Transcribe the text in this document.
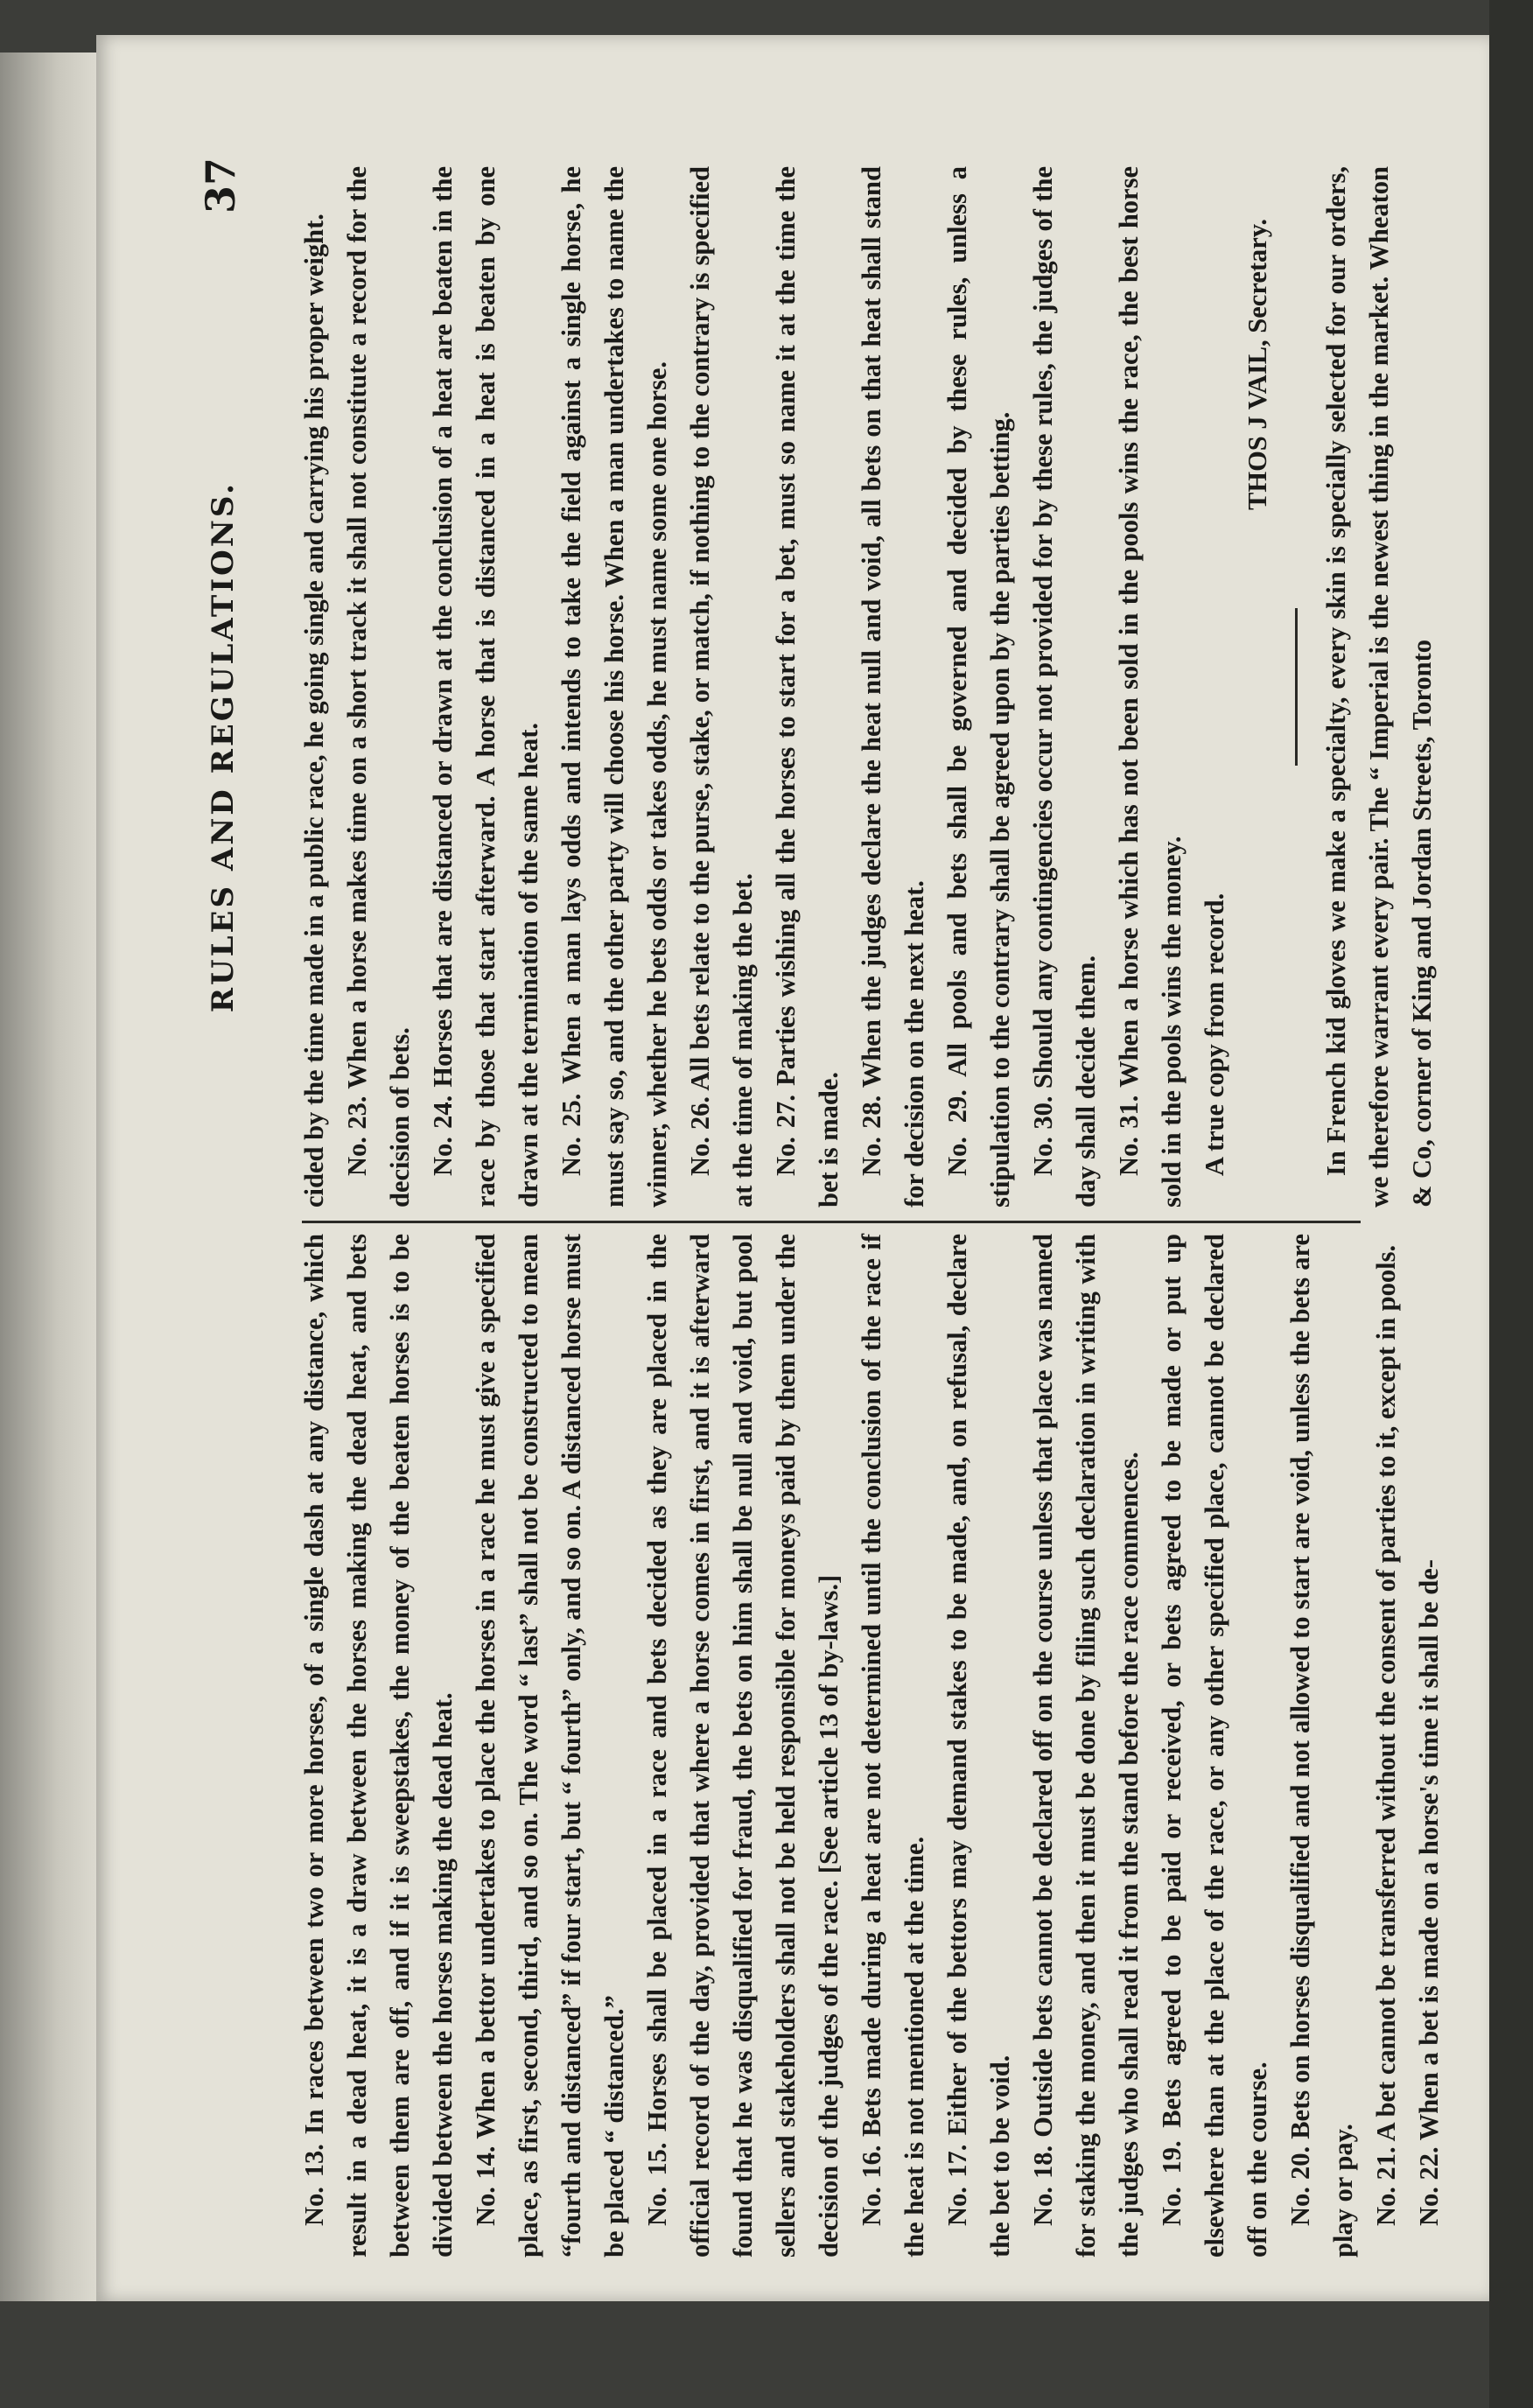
RULES AND REGULATIONS.
37

No. 13. In races between two or more horses, of a single dash at any distance, which result in a dead heat, it is a draw between the horses making the dead heat, and bets between them are off, and if it is sweepstakes, the money of the beaten horses is to be divided between the horses making the dead heat. No. 14. When a bettor undertakes to place the horses in a race he must give a specified place, as first, second, third, and so on. The word “ last” shall not be constructed to mean “fourth and distanced” if four start, but “ fourth” only, and so on. A distanced horse must be placed “ distanced.” No. 15. Horses shall be placed in a race and bets decided as they are placed in the official record of the day, provided that where a horse comes in first, and it is afterward found that he was disqualified for fraud, the bets on him shall be null and void, but pool sellers and stakeholders shall not be held responsible for moneys paid by them under the decision of the judges of the race. [See article 13 of by-laws.] No. 16. Bets made during a heat are not determined until the conclusion of the race if the heat is not mentioned at the time. No. 17. Either of the bettors may demand stakes to be made, and, on refusal, declare the bet to be void. No. 18. Outside bets cannot be declared off on the course unless that place was named for staking the money, and then it must be done by filing such declaration in writing with the judges who shall read it from the stand before the race commences. No. 19. Bets agreed to be paid or received, or bets agreed to be made or put up elsewhere than at the place of the race, or any other specified place, cannot be declared off on the course. No. 20. Bets on horses disqualified and not allowed to start are void, unless the bets are play or pay. No. 21. A bet cannot be transferred without the consent of parties to it, except in pools. No. 22. When a bet is made on a horse's time it shall be de-

cided by the time made in a public race, he going single and carrying his proper weight. No. 23. When a horse makes time on a short track it shall not constitute a record for the decision of bets. No. 24. Horses that are distanced or drawn at the conclusion of a heat are beaten in the race by those that start afterward. A horse that is distanced in a heat is beaten by one drawn at the termination of the same heat. No. 25. When a man lays odds and intends to take the field against a single horse, he must say so, and the other party will choose his horse. When a man undertakes to name the winner, whether he bets odds or takes odds, he must name some one horse. No. 26. All bets relate to the purse, stake, or match, if nothing to the contrary is specified at the time of making the bet. No. 27. Parties wishing all the horses to start for a bet, must so name it at the time the bet is made. No. 28. When the judges declare the heat null and void, all bets on that heat shall stand for decision on the next heat. No. 29. All pools and bets shall be governed and decided by these rules, unless a stipulation to the contrary shall be agreed upon by the parties betting. No. 30. Should any contingencies occur not provided for by these rules, the judges of the day shall decide them. No. 31. When a horse which has not been sold in the pools wins the race, the best horse sold in the pools wins the money. A true copy from record.

THOS J VAIL, Secretary. In French kid gloves we make a specialty, every skin is specially selected for our orders, we therefore warrant every pair. The “ Imperial is the newest thing in the market. Wheaton & Co, corner of King and Jordan Streets, Toronto
